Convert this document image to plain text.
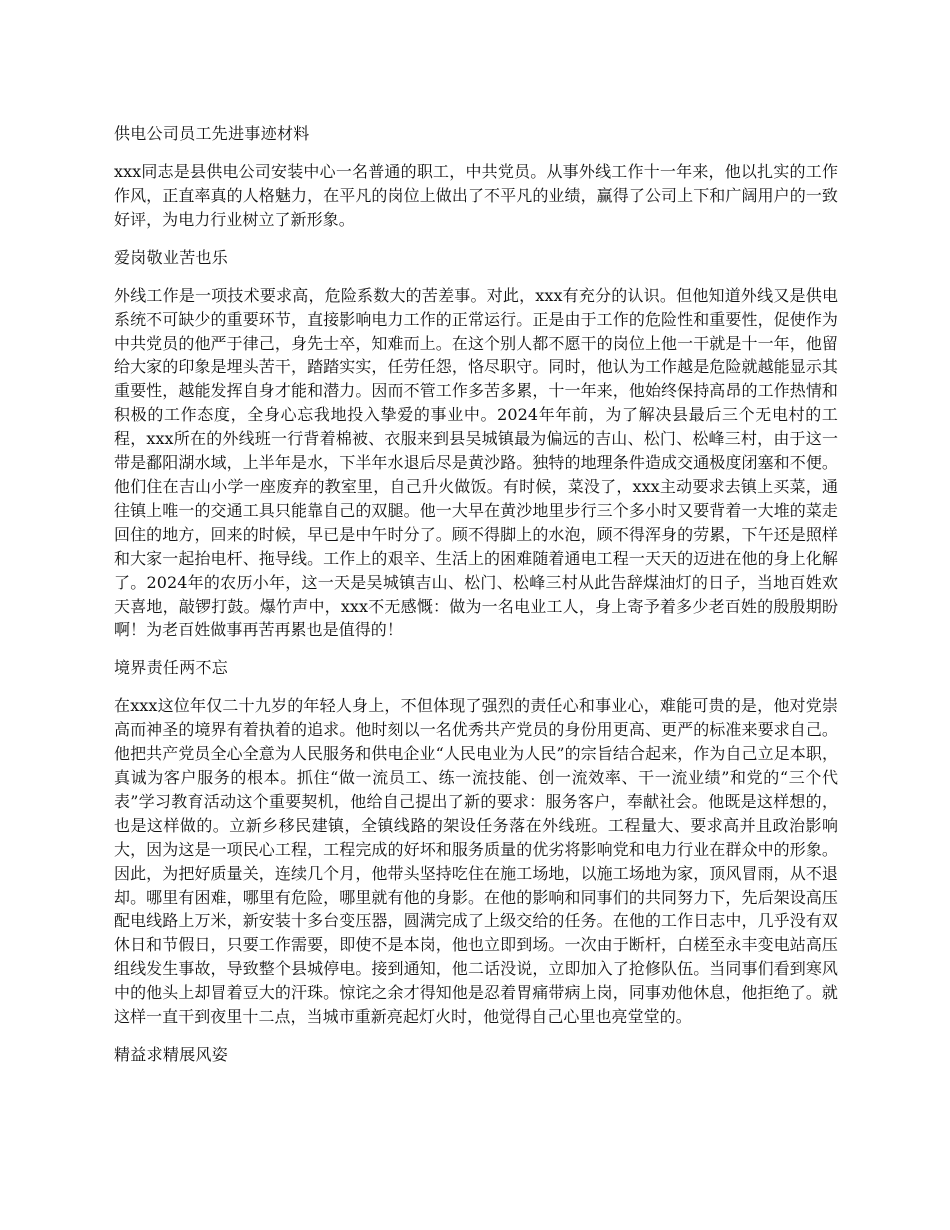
供电公司员工先进事迹材料

xxx同志是县供电公司安装中心一名普通的职工，中共党员。从事外线工作十一年来，他以扎实的工作作风，正直率真的人格魅力，在平凡的岗位上做出了不平凡的业绩，赢得了公司上下和广阔用户的一致好评，为电力行业树立了新形象。

爱岗敬业苦也乐

外线工作是一项技术要求高，危险系数大的苦差事。对此，xxx有充分的认识。但他知道外线又是供电系统不可缺少的重要环节，直接影响电力工作的正常运行。正是由于工作的危险性和重要性，促使作为中共党员的他严于律己，身先士卒，知难而上。在这个别人都不愿干的岗位上他一干就是十一年，他留给大家的印象是埋头苦干，踏踏实实，任劳任怨，恪尽职守。同时，他认为工作越是危险就越能显示其重要性，越能发挥自身才能和潜力。因而不管工作多苦多累，十一年来，他始终保持高昂的工作热情和积极的工作态度，全身心忘我地投入挚爱的事业中。2024年年前，为了解决县最后三个无电村的工程，xxx所在的外线班一行背着棉被、衣服来到县吴城镇最为偏远的吉山、松门、松峰三村，由于这一带是鄱阳湖水域，上半年是水，下半年水退后尽是黄沙路。独特的地理条件造成交通极度闭塞和不便。他们住在吉山小学一座废弃的教室里，自己升火做饭。有时候，菜没了，xxx主动要求去镇上买菜，通往镇上唯一的交通工具只能靠自己的双腿。他一大早在黄沙地里步行三个多小时又要背着一大堆的菜走回住的地方，回来的时候，早已是中午时分了。顾不得脚上的水泡，顾不得浑身的劳累，下午还是照样和大家一起抬电杆、拖导线。工作上的艰辛、生活上的困难随着通电工程一天天的迈进在他的身上化解了。2024年的农历小年，这一天是吴城镇吉山、松门、松峰三村从此告辞煤油灯的日子，当地百姓欢天喜地，敲锣打鼓。爆竹声中，xxx不无感慨：做为一名电业工人，身上寄予着多少老百姓的殷殷期盼啊！为老百姓做事再苦再累也是值得的！

境界责任两不忘

在xxx这位年仅二十九岁的年轻人身上，不但体现了强烈的责任心和事业心，难能可贵的是，他对党崇高而神圣的境界有着执着的追求。他时刻以一名优秀共产党员的身份用更高、更严的标准来要求自己。他把共产党员全心全意为人民服务和供电企业“人民电业为人民”的宗旨结合起来，作为自己立足本职，真诚为客户服务的根本。抓住“做一流员工、练一流技能、创一流效率、干一流业绩”和党的“三个代表”学习教育活动这个重要契机，他给自己提出了新的要求：服务客户，奉献社会。他既是这样想的，也是这样做的。立新乡移民建镇，全镇线路的架设任务落在外线班。工程量大、要求高并且政治影响大，因为这是一项民心工程，工程完成的好坏和服务质量的优劣将影响党和电力行业在群众中的形象。因此，为把好质量关，连续几个月，他带头坚持吃住在施工场地，以施工场地为家，顶风冒雨，从不退却。哪里有困难，哪里有危险，哪里就有他的身影。在他的影响和同事们的共同努力下，先后架设高压配电线路上万米，新安装十多台变压器，圆满完成了上级交给的任务。在他的工作日志中，几乎没有双休日和节假日，只要工作需要，即使不是本岗，他也立即到场。一次由于断杆，白槎至永丰变电站高压组线发生事故，导致整个县城停电。接到通知，他二话没说，立即加入了抢修队伍。当同事们看到寒风中的他头上却冒着豆大的汗珠。惊诧之余才得知他是忍着胃痛带病上岗，同事劝他休息，他拒绝了。就这样一直干到夜里十二点，当城市重新亮起灯火时，他觉得自己心里也亮堂堂的。

精益求精展风姿
